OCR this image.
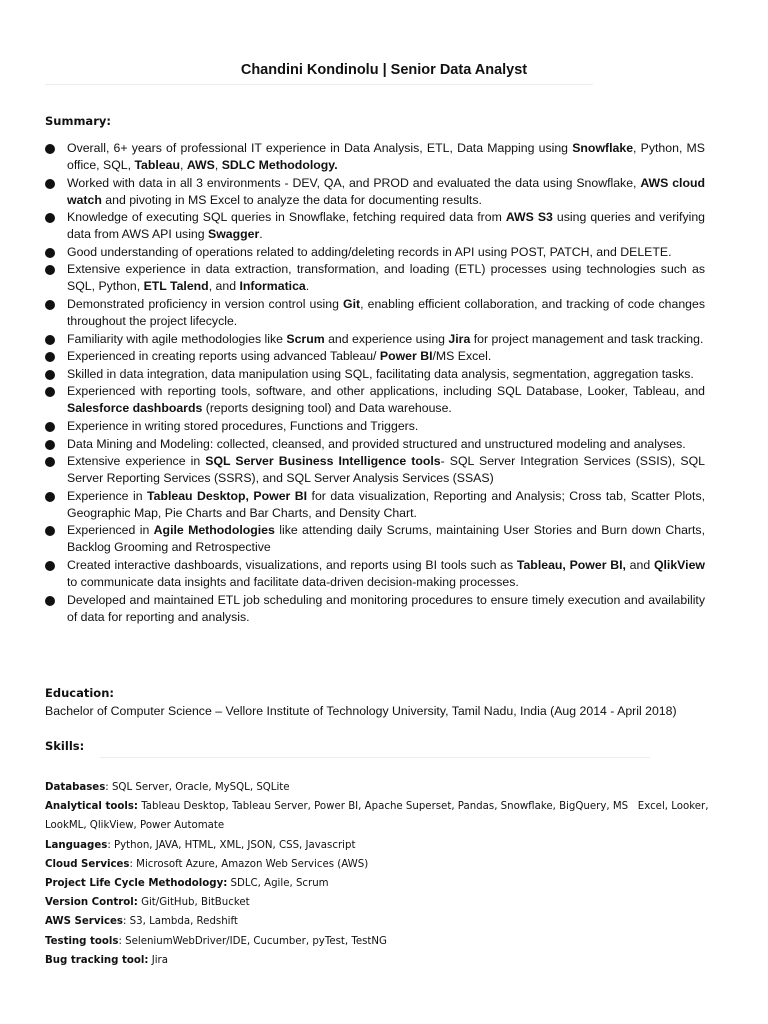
Chandini Kondinolu | Senior Data Analyst
Summary:
Overall, 6+ years of professional IT experience in Data Analysis, ETL, Data Mapping using Snowflake, Python, MS office, SQL, Tableau, AWS, SDLC Methodology.
Worked with data in all 3 environments - DEV, QA, and PROD and evaluated the data using Snowflake, AWS cloud watch and pivoting in MS Excel to analyze the data for documenting results.
Knowledge of executing SQL queries in Snowflake, fetching required data from AWS S3 using queries and verifying data from AWS API using Swagger.
Good understanding of operations related to adding/deleting records in API using POST, PATCH, and DELETE.
Extensive experience in data extraction, transformation, and loading (ETL) processes using technologies such as SQL, Python, ETL Talend, and Informatica.
Demonstrated proficiency in version control using Git, enabling efficient collaboration, and tracking of code changes throughout the project lifecycle.
Familiarity with agile methodologies like Scrum and experience using Jira for project management and task tracking.
Experienced in creating reports using advanced Tableau/ Power BI/MS Excel.
Skilled in data integration, data manipulation using SQL, facilitating data analysis, segmentation, aggregation tasks.
Experienced with reporting tools, software, and other applications, including SQL Database, Looker, Tableau, and Salesforce dashboards (reports designing tool) and Data warehouse.
Experience in writing stored procedures, Functions and Triggers.
Data Mining and Modeling: collected, cleansed, and provided structured and unstructured modeling and analyses.
Extensive experience in SQL Server Business Intelligence tools- SQL Server Integration Services (SSIS), SQL Server Reporting Services (SSRS), and SQL Server Analysis Services (SSAS)
Experience in Tableau Desktop, Power BI for data visualization, Reporting and Analysis; Cross tab, Scatter Plots, Geographic Map, Pie Charts and Bar Charts, and Density Chart.
Experienced in Agile Methodologies like attending daily Scrums, maintaining User Stories and Burn down Charts, Backlog Grooming and Retrospective
Created interactive dashboards, visualizations, and reports using BI tools such as Tableau, Power BI, and QlikView to communicate data insights and facilitate data-driven decision-making processes.
Developed and maintained ETL job scheduling and monitoring procedures to ensure timely execution and availability of data for reporting and analysis.
Education:
Bachelor of Computer Science – Vellore Institute of Technology University, Tamil Nadu, India (Aug 2014 - April 2018)
Skills:
Databases: SQL Server, Oracle, MySQL, SQLite
Analytical tools: Tableau Desktop, Tableau Server, Power BI, Apache Superset, Pandas, Snowflake, BigQuery, MS   Excel, Looker, LookML, QlikView, Power Automate
Languages: Python, JAVA, HTML, XML, JSON, CSS, Javascript
Cloud Services: Microsoft Azure, Amazon Web Services (AWS)
Project Life Cycle Methodology: SDLC, Agile, Scrum
Version Control: Git/GitHub, BitBucket
AWS Services: S3, Lambda, Redshift
Testing tools: SeleniumWebDriver/IDE, Cucumber, pyTest, TestNG
Bug tracking tool: Jira
